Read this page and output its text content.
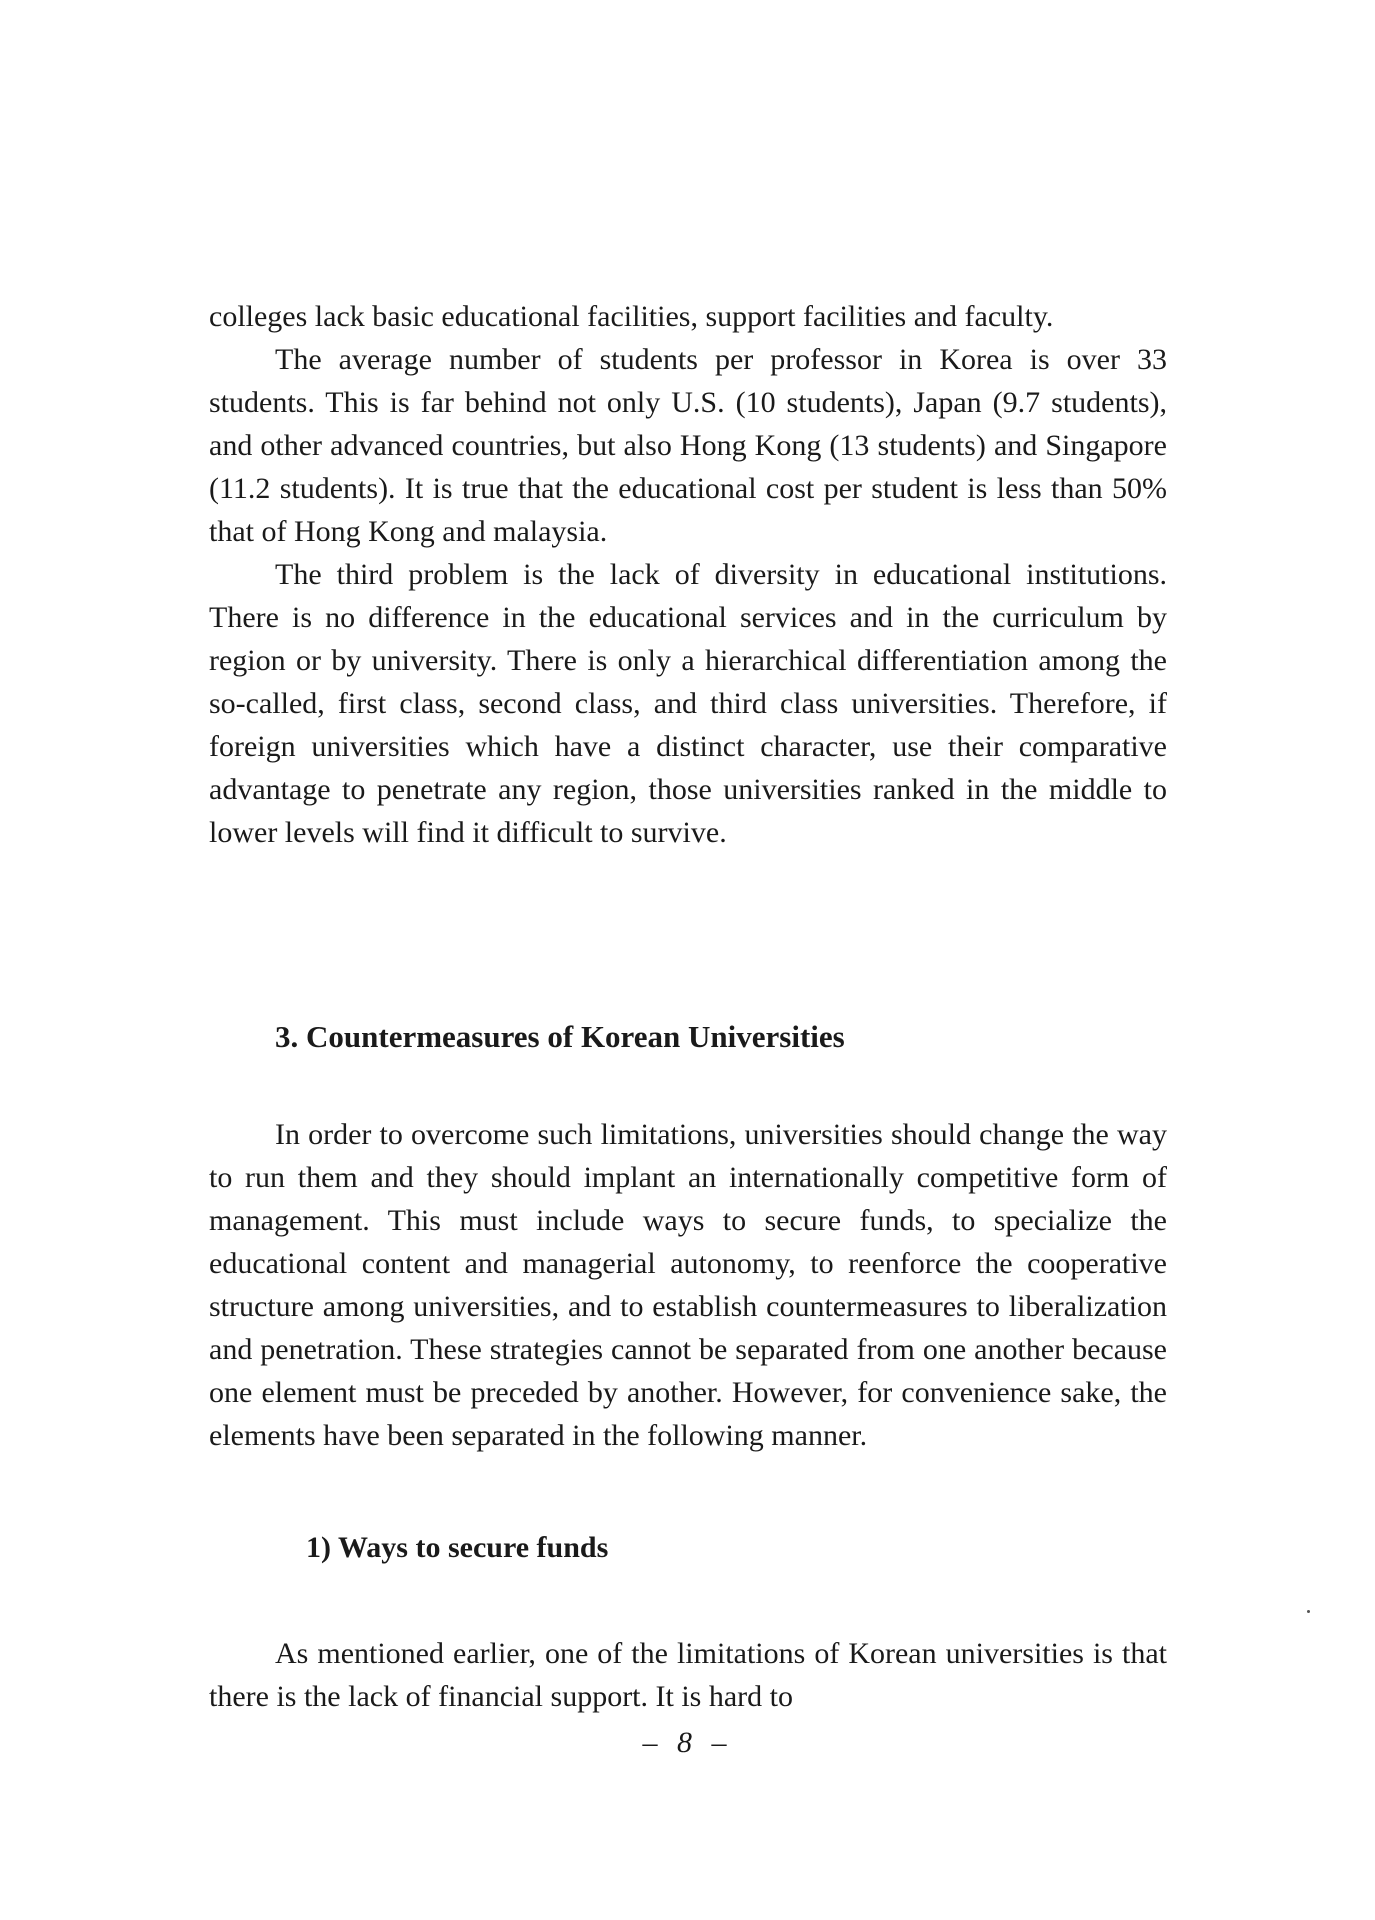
colleges lack basic educational facilities, support facilities and faculty.

The average number of students per professor in Korea is over 33 students. This is far behind not only U.S. (10 students), Japan (9.7 students), and other advanced countries, but also Hong Kong (13 students) and Singapore (11.2 students). It is true that the educational cost per student is less than 50% that of Hong Kong and malaysia.

The third problem is the lack of diversity in educational institutions. There is no difference in the educational services and in the curriculum by region or by university. There is only a hierarchical differentiation among the so-called, first class, second class, and third class universities. Therefore, if foreign universities which have a distinct character, use their comparative advantage to penetrate any region, those universities ranked in the middle to lower levels will find it difficult to survive.

3. Countermeasures of Korean Universities

In order to overcome such limitations, universities should change the way to run them and they should implant an internationally competitive form of management. This must include ways to secure funds, to specialize the educational content and managerial autonomy, to reenforce the cooperative structure among universities, and to establish countermeasures to liberalization and penetration. These strategies cannot be separated from one another because one element must be preceded by another. However, for convenience sake, the elements have been separated in the following manner.

1) Ways to secure funds

As mentioned earlier, one of the limitations of Korean universities is that there is the lack of financial support. It is hard to

– 8 –
